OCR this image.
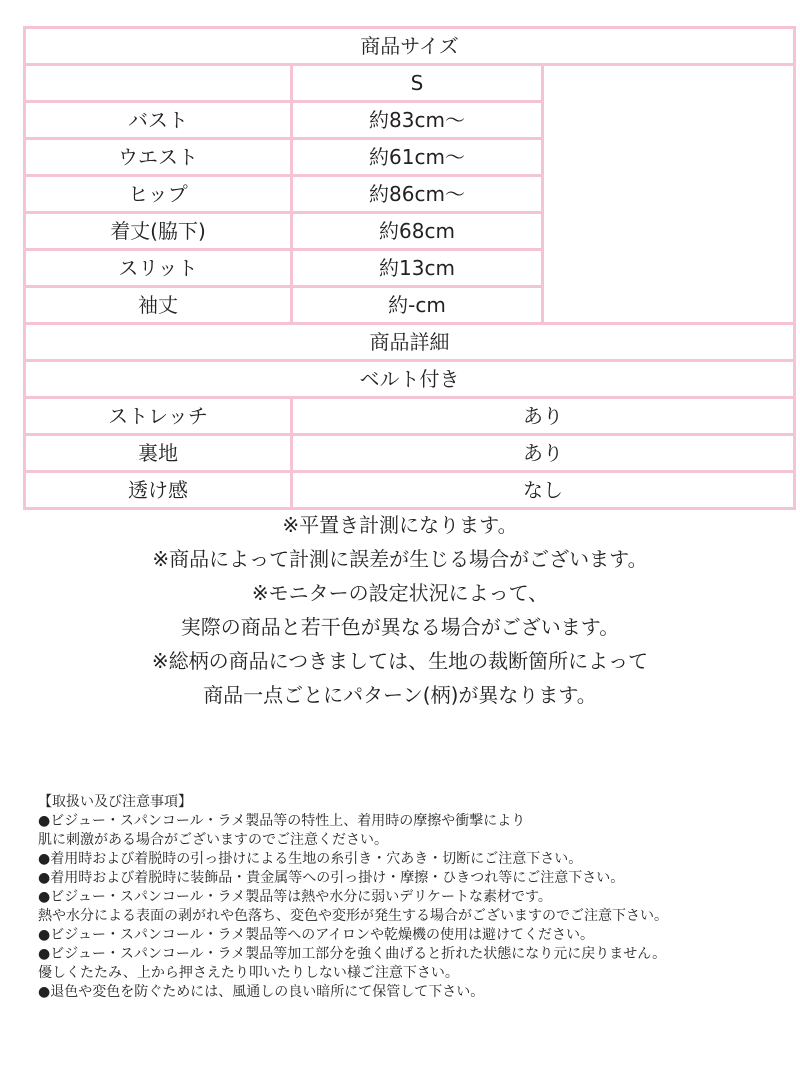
商品サイズ		
	S	
バスト	約83cm～	
ウエスト	約61cm～	
ヒップ	約86cm～	
着丈(脇下)	約68cm	
スリット	約13cm	
袖丈	約-cm	
商品詳細		
ベルト付き		
ストレッチ	あり	
裏地	あり	
透け感	なし	
※平置き計測になります。
※商品によって計測に誤差が生じる場合がございます。
※モニターの設定状況によって、
実際の商品と若干色が異なる場合がございます。
※総柄の商品につきましては、生地の裁断箇所によって
商品一点ごとにパターン(柄)が異なります。
【取扱い及び注意事項】
●ビジュー・スパンコール・ラメ製品等の特性上、着用時の摩擦や衝撃により
肌に刺激がある場合がございますのでご注意ください。
●着用時および着脱時の引っ掛けによる生地の糸引き・穴あき・切断にご注意下さい。
●着用時および着脱時に装飾品・貴金属等への引っ掛け・摩擦・ひきつれ等にご注意下さい。
●ビジュー・スパンコール・ラメ製品等は熱や水分に弱いデリケートな素材です。
熱や水分による表面の剥がれや色落ち、変色や変形が発生する場合がございますのでご注意下さい。
●ビジュー・スパンコール・ラメ製品等へのアイロンや乾燥機の使用は避けてください。
●ビジュー・スパンコール・ラメ製品等加工部分を強く曲げると折れた状態になり元に戻りません。
優しくたたみ、上から押さえたり叩いたりしない様ご注意下さい。
●退色や変色を防ぐためには、風通しの良い暗所にて保管して下さい。
